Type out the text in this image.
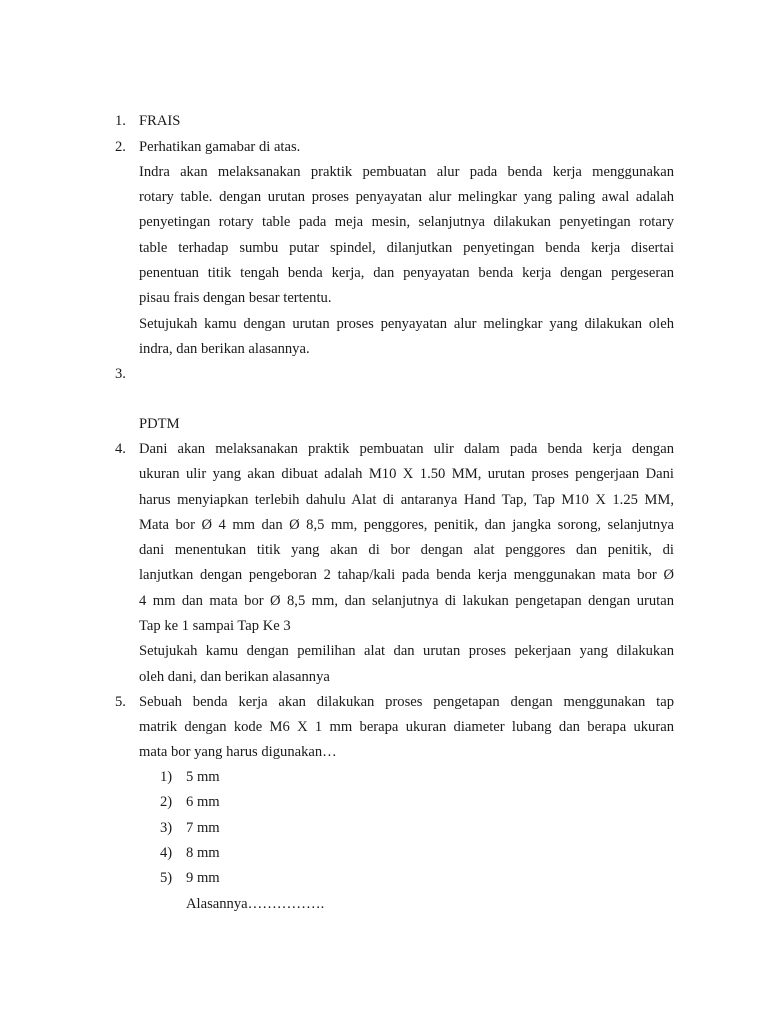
1. FRAIS
2. Perhatikan gamabar di atas.
Indra akan melaksanakan praktik pembuatan alur pada benda kerja menggunakan
rotary table. dengan urutan proses penyayatan alur melingkar yang paling awal adalah
penyetingan rotary table pada meja mesin, selanjutnya dilakukan penyetingan rotary
table terhadap sumbu putar spindel, dilanjutkan penyetingan benda kerja disertai
penentuan titik tengah benda kerja, dan penyayatan benda kerja dengan pergeseran
pisau frais dengan besar tertentu.
Setujukah kamu dengan urutan proses penyayatan alur melingkar yang dilakukan oleh
indra, dan berikan alasannya.
3.
PDTM
4. Dani akan melaksanakan praktik pembuatan ulir dalam pada benda kerja dengan
ukuran ulir yang akan dibuat adalah M10 X 1.50 MM, urutan proses pengerjaan Dani
harus menyiapkan terlebih dahulu Alat di antaranya Hand Tap, Tap M10 X 1.25 MM,
Mata bor Ø 4 mm dan Ø 8,5 mm, penggores, penitik, dan jangka sorong, selanjutnya
dani menentukan titik yang akan di bor dengan alat penggores dan penitik, di
lanjutkan dengan pengeboran 2 tahap/kali pada benda kerja menggunakan mata bor Ø
4 mm dan mata bor Ø 8,5 mm, dan selanjutnya di lakukan pengetapan dengan urutan
Tap ke 1 sampai Tap Ke 3
Setujukah kamu dengan pemilihan alat dan urutan proses pekerjaan yang dilakukan
oleh dani, dan berikan alasannya
5. Sebuah benda kerja akan dilakukan proses pengetapan dengan menggunakan tap
matrik dengan kode M6 X 1 mm berapa ukuran diameter lubang dan berapa ukuran
mata bor yang harus digunakan…
1) 5 mm
2) 6 mm
3) 7 mm
4) 8 mm
5) 9 mm
Alasannya…………….
